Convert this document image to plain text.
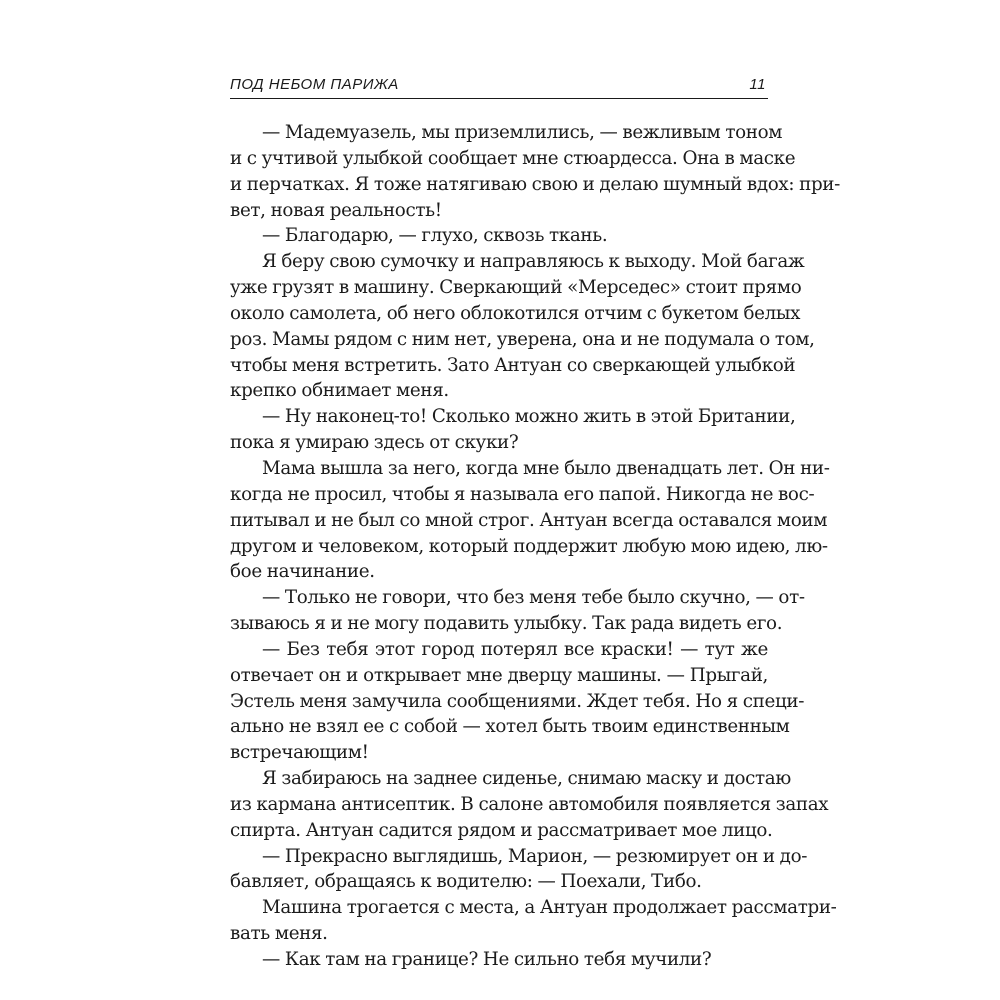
ПОД НЕБОМ ПАРИЖА	11
— Мадемуазель, мы приземлились, — вежливым тоном
и с учтивой улыбкой сообщает мне стюардесса. Она в маске
и перчатках. Я тоже натягиваю свою и делаю шумный вдох: при-
вет, новая реальность!
— Благодарю, — глухо, сквозь ткань.
Я беру свою сумочку и направляюсь к выходу. Мой багаж
уже грузят в машину. Сверкающий «Мерседес» стоит прямо
около самолета, об него облокотился отчим с букетом белых
роз. Мамы рядом с ним нет, уверена, она и не подумала о том,
чтобы меня встретить. Зато Антуан со сверкающей улыбкой
крепко обнимает меня.
— Ну наконец-то! Сколько можно жить в этой Британии,
пока я умираю здесь от скуки?
Мама вышла за него, когда мне было двенадцать лет. Он ни-
когда не просил, чтобы я называла его папой. Никогда не вос-
питывал и не был со мной строг. Антуан всегда оставался моим
другом и человеком, который поддержит любую мою идею, лю-
бое начинание.
— Только не говори, что без меня тебе было скучно, — от-
зываюсь я и не могу подавить улыбку. Так рада видеть его.
— Без тебя этот город потерял все краски! — тут же
отвечает он и открывает мне дверцу машины. — Прыгай,
Эстель меня замучила сообщениями. Ждет тебя. Но я специ-
ально не взял ее с собой — хотел быть твоим единственным
встречающим!
Я забираюсь на заднее сиденье, снимаю маску и достаю
из кармана антисептик. В салоне автомобиля появляется запах
спирта. Антуан садится рядом и рассматривает мое лицо.
— Прекрасно выглядишь, Марион, — резюмирует он и до-
бавляет, обращаясь к водителю: — Поехали, Тибо.
Машина трогается с места, а Антуан продолжает рассматри-
вать меня.
— Как там на границе? Не сильно тебя мучили?
